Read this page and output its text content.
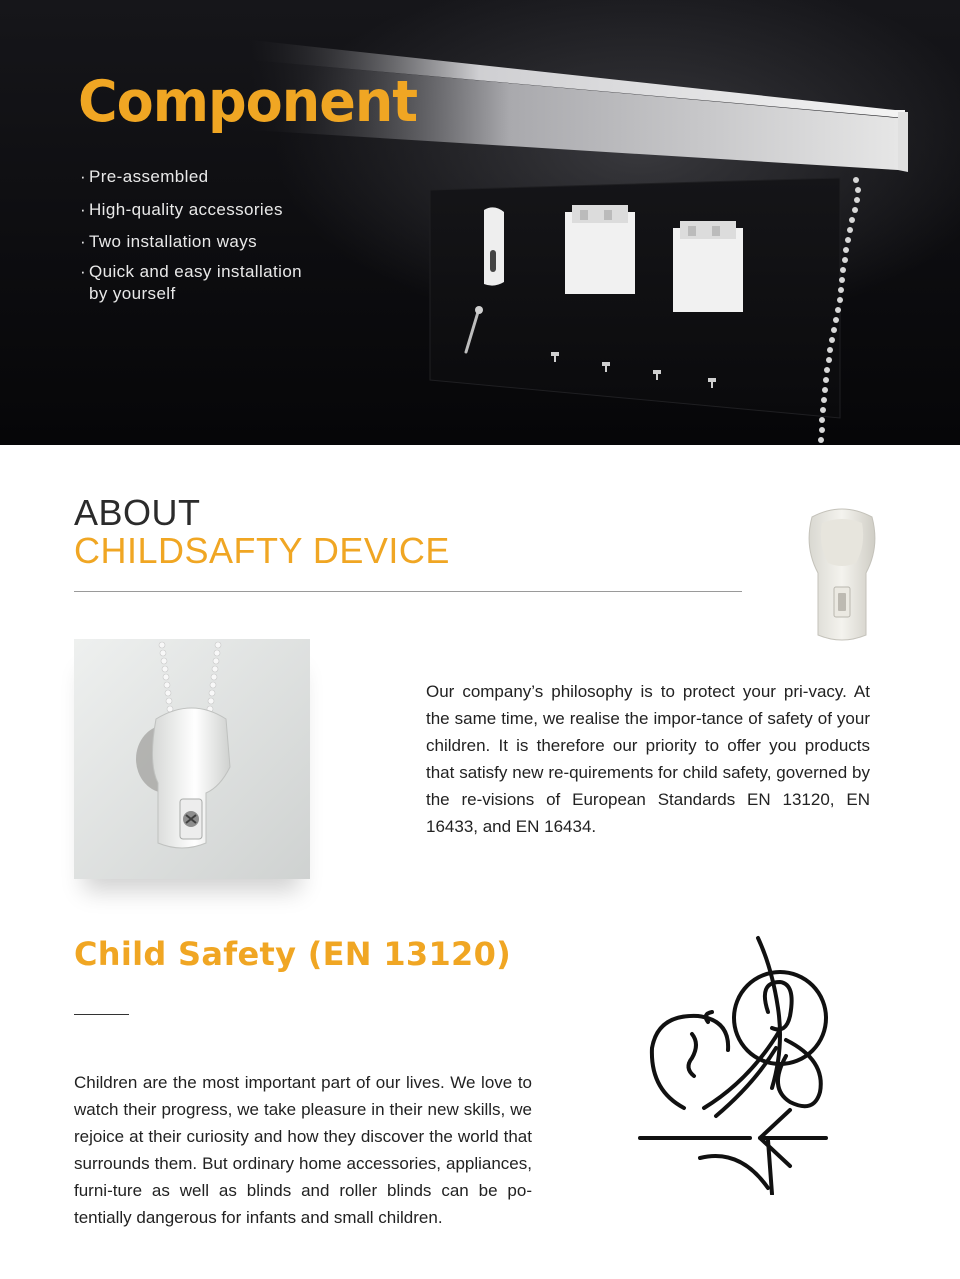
Component
· Pre-assembled
· High-quality accessories
· Two installation ways
· Quick and easy installation
by yourself
ABOUT
CHILDSAFTY DEVICE

Our company’s philosophy is to protect your pri-vacy. At the same time, we realise the impor-tance of safety of your children. It is therefore our priority to offer you products that satisfy new re-quirements for child safety, governed by the re-visions of European Standards EN 13120, EN 16433, and EN 16434.

Child Safety (EN 13120)

Children are the most important part of our lives. We love to watch their progress, we take pleasure in their new skills, we rejoice at their curiosity and how they discover the world that surrounds them. But ordinary home accessories, appliances, furni-ture as well as blinds and roller blinds can be po-tentially dangerous for infants and small children.
